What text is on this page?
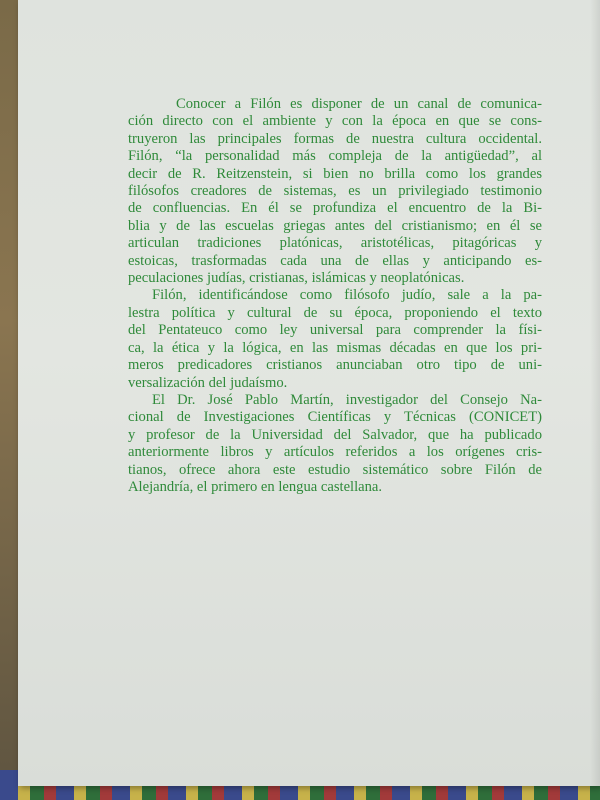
Conocer a Filón es disponer de un canal de comunica-
ción directo con el ambiente y con la época en que se cons-
truyeron las principales formas de nuestra cultura occidental.
Filón, “la personalidad más compleja de la antigüedad”, al
decir de R. Reitzenstein, si bien no brilla como los grandes
filósofos creadores de sistemas, es un privilegiado testimonio
de confluencias. En él se profundiza el encuentro de la Bi-
blia y de las escuelas griegas antes del cristianismo; en él se
articulan tradiciones platónicas, aristotélicas, pitagóricas y
estoicas, trasformadas cada una de ellas y anticipando es-
peculaciones judías, cristianas, islámicas y neoplatónicas.
Filón, identificándose como filósofo judío, sale a la pa-
lestra política y cultural de su época, proponiendo el texto
del Pentateuco como ley universal para comprender la físi-
ca, la ética y la lógica, en las mismas décadas en que los pri-
meros predicadores cristianos anunciaban otro tipo de uni-
versalización del judaísmo.
El Dr. José Pablo Martín, investigador del Consejo Na-
cional de Investigaciones Científicas y Técnicas (CONICET)
y profesor de la Universidad del Salvador, que ha publicado
anteriormente libros y artículos referidos a los orígenes cris-
tianos, ofrece ahora este estudio sistemático sobre Filón de
Alejandría, el primero en lengua castellana.
